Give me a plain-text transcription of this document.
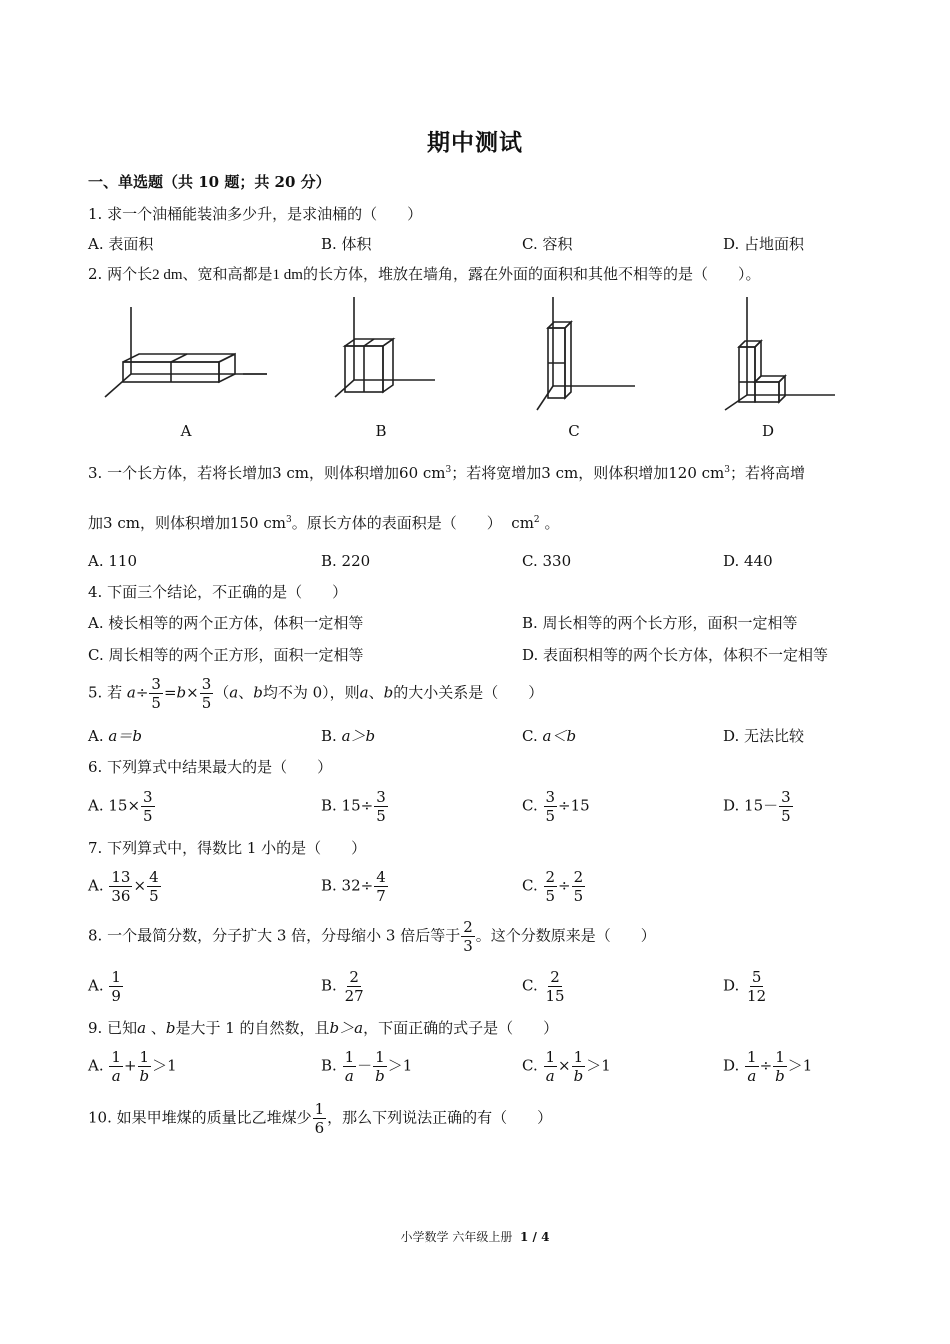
期中测试
一、单选题（共 10 题；共 20 分）
1. 求一个油桶能装油多少升，是求油桶的（　　）
A. 表面积	B. 体积	C. 容积	D. 占地面积
2. 两个长2 dm、宽和高都是1 dm的长方体，堆放在墙角，露在外面的面积和其他不相等的是（　　）。
A	B	C	D
3. 一个长方体，若将长增加3 cm，则体积增加60 $cm^3$；若将宽增加3 cm，则体积增加120 $cm^3$；若将高增
加3 cm，则体积增加150 $cm^3$。原长方体的表面积是（　　） $cm^2$ 。
A. 110	B. 220	C. 330	D. 440
4. 下面三个结论，不正确的是（　　）
A. 棱长相等的两个正方体，体积一定相等	B. 周长相等的两个长方形，面积一定相等
C. 周长相等的两个正方形，面积一定相等	D. 表面积相等的两个长方体，体积不一定相等
5. 若 $a\div \frac{3}{5} =b\times \frac{3}{5} (a$、b均不为 0），则a、b的大小关系是（　　）
A. a＝b	B. a＞b	C. a＜b	D. 无法比较
6. 下列算式中结果最大的是（　　）
A. $15\times \frac{3}{5}$	B. $15\div \frac{3}{5}$	C. $\frac{3}{5} \div 15$	D. $15- \frac{3}{5}$
7. 下列算式中，得数比 1 小的是（　　）
A. $\frac{13}{36} \times \frac{4}{5}$	B. $32\div \frac{4}{7}$	C. $\frac{2}{5} \div \frac{2}{5}$
8. 一个最简分数，分子扩大 3 倍，分母缩小 3 倍后等于 $\frac{2}{3}$ 。这个分数原来是（　　）
A. $\frac{1}{9}$	B. $\frac{2}{27}$	C. $\frac{2}{15}$	D. $\frac{5}{12}$
9. 已知a 、b是大于 1 的自然数，且b＞a，下面正确的式子是（　　）
A. $\frac{1}{a} + \frac{1}{b} >1$	B. $\frac{1}{a} - \frac{1}{b} >1$	C. $\frac{1}{a} \times \frac{1}{b} >1$	D. $\frac{1}{a} \div \frac{1}{b} >1$
10. 如果甲堆煤的质量比乙堆煤少 $\frac{1}{6}$ ，那么下列说法正确的有（　　）
小学数学 六年级上册 1 / 4
